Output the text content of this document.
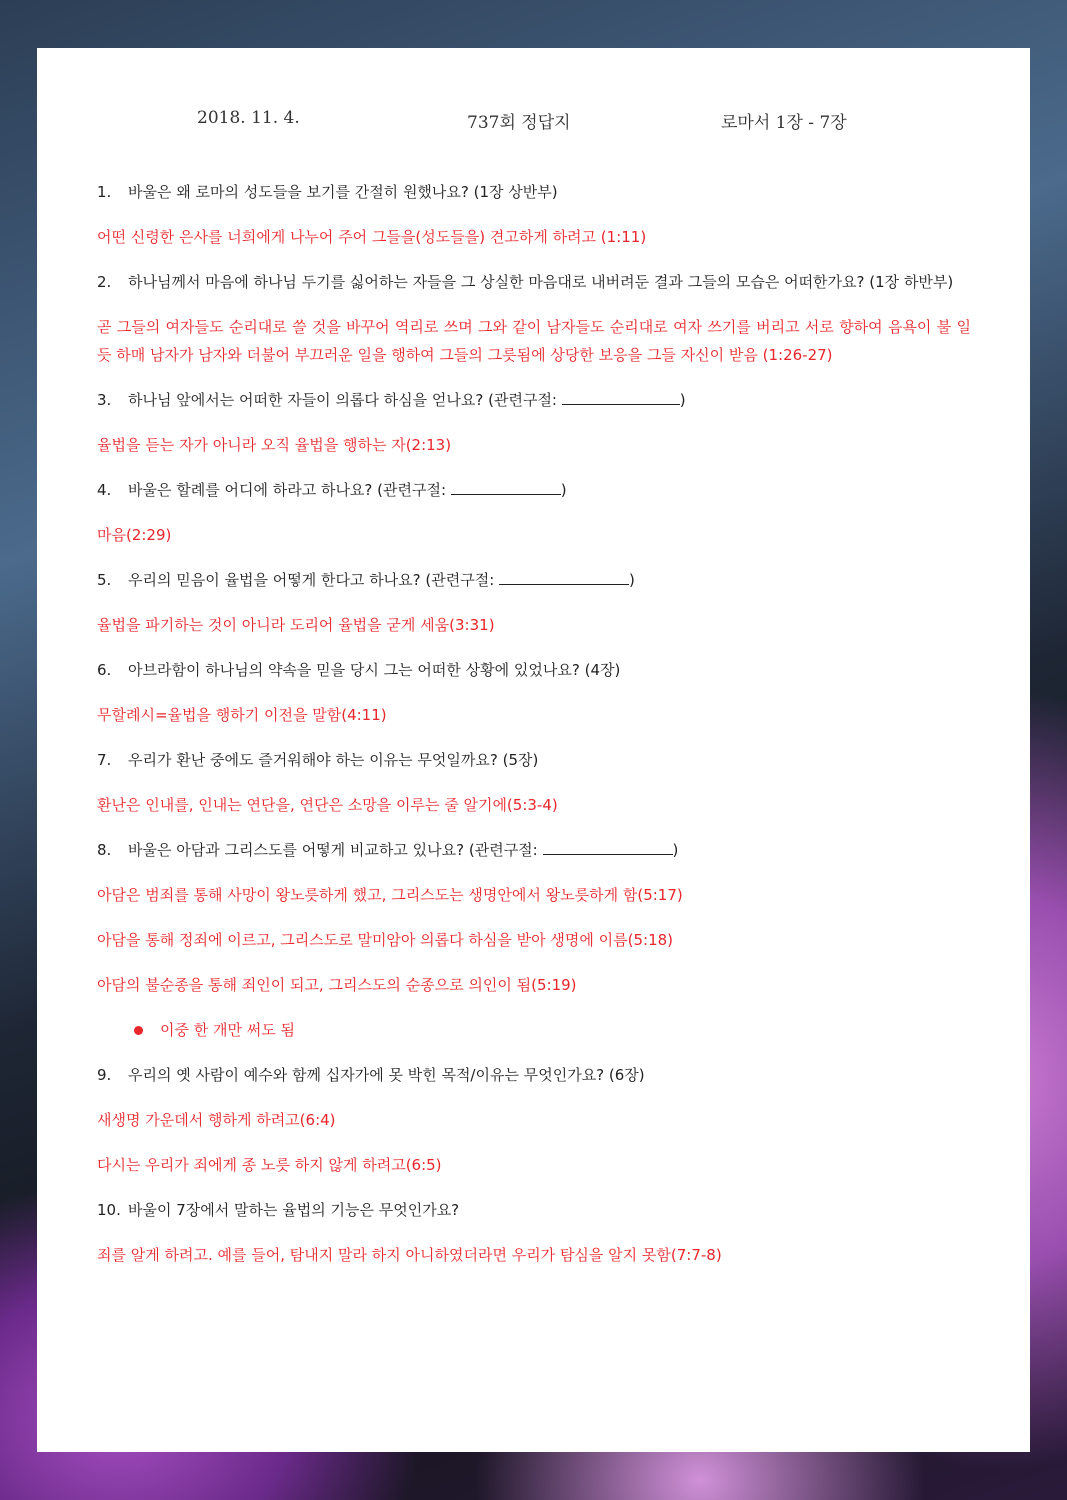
2018. 11. 4.	737회 정답지	로마서 1장 - 7장
1.	바울은 왜 로마의 성도들을 보기를 간절히 원했나요? (1장 상반부)
어떤 신령한 은사를 너희에게 나누어 주어 그들을(성도들을) 견고하게 하려고 (1:11)
2.	하나님께서 마음에 하나님 두기를 싫어하는 자들을 그 상실한 마음대로 내버려둔 결과 그들의 모습은 어떠한가요? (1장 하반부)
곧 그들의 여자들도 순리대로 쓸 것을 바꾸어 역리로 쓰며 그와 같이 남자들도 순리대로 여자 쓰기를 버리고 서로 향하여 음욕이 불 일 듯 하매 남자가 남자와 더불어 부끄러운 일을 행하여 그들의 그릇됨에 상당한 보응을 그들 자신이 받음 (1:26-27)
3.	하나님 앞에서는 어떠한 자들이 의롭다 하심을 얻나요? (관련구절:	)
율법을 듣는 자가 아니라 오직 율법을 행하는 자(2:13)
4.	바울은 할례를 어디에 하라고 하나요? (관련구절:	)
마음(2:29)
5.	우리의 믿음이 율법을 어떻게 한다고 하나요? (관련구절:	)
율법을 파기하는 것이 아니라 도리어 율법을 굳게 세움(3:31)
6.	아브라함이 하나님의 약속을 믿을 당시 그는 어떠한 상황에 있었나요? (4장)
무할례시=율법을 행하기 이전을 말함(4:11)
7.	우리가 환난 중에도 즐거워해야 하는 이유는 무엇일까요? (5장)
환난은 인내를, 인내는 연단을, 연단은 소망을 이루는 줄 알기에(5:3-4)
8.	바울은 아담과 그리스도를 어떻게 비교하고 있나요? (관련구절:	)
아담은 범죄를 통해 사망이 왕노릇하게 했고, 그리스도는 생명안에서 왕노릇하게 함(5:17)
아담을 통해 정죄에 이르고, 그리스도로 말미암아 의롭다 하심을 받아 생명에 이름(5:18)
아담의 불순종을 통해 죄인이 되고, 그리스도의 순종으로 의인이 됨(5:19)
이중 한 개만 써도 됨
9.	우리의 옛 사람이 예수와 함께 십자가에 못 박힌 목적/이유는 무엇인가요? (6장)
새생명 가운데서 행하게 하려고(6:4)
다시는 우리가 죄에게 종 노릇 하지 않게 하려고(6:5)
10. 바울이 7장에서 말하는 율법의 기능은 무엇인가요?
죄를 알게 하려고. 예를 들어, 탐내지 말라 하지 아니하였더라면 우리가 탐심을 알지 못함(7:7-8)
